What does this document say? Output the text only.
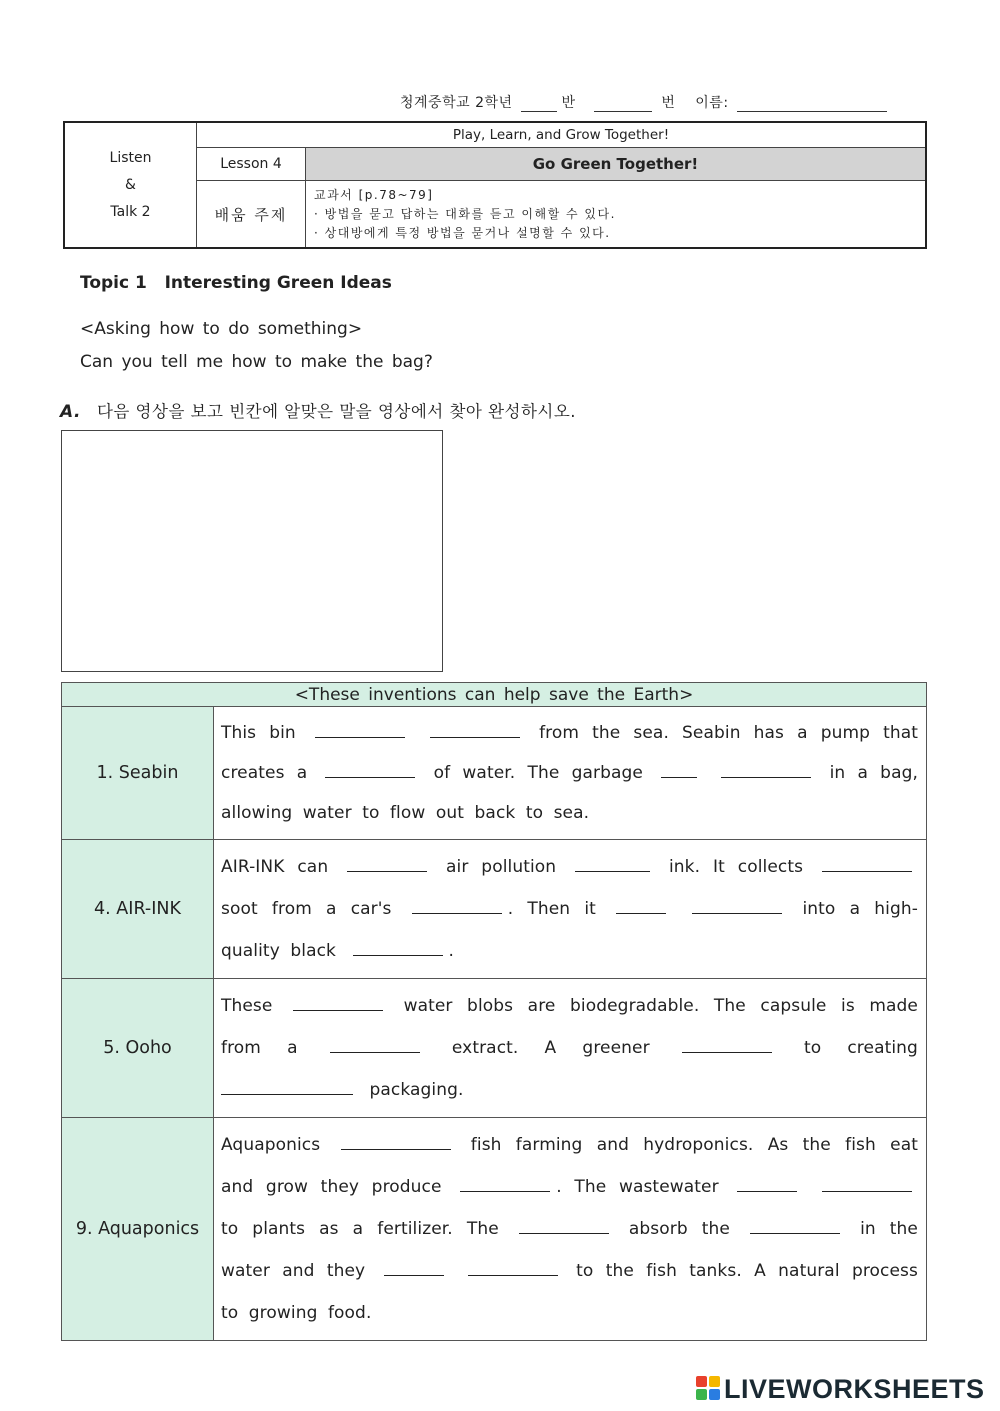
청계중학교 2학년	반	번 이름:
Listen
&
Talk 2	Play, Learn, and Grow Together!	
	Lesson 4	Go Green Together!
	배움 주제	교과서 [p.78~79]
· 방법을 묻고 답하는 대화를 듣고 이해할 수 있다.
· 상대방에게 특정 방법을 묻거나 설명할 수 있다.
Topic 1   Interesting Green Ideas
<Asking how to do something>
Can you tell me how to make the bag?
A. 다음 영상을 보고 빈칸에 알맞은 말을 영상에서 찾아 완성하시오.
<These inventions can help save the Earth>	
1. Seabin	This bin from the sea. Seabin has a pump that creates a of water. The garbage in a bag, allowing water to flow out back to sea.
4. AIR-INK	AIR-INK can air pollution ink. It collects  soot from a car's . Then it into a high-quality black .
5. Ooho	These water blobs are biodegradable. The capsule is made from a extract. A greener to creating  packaging.
9. Aquaponics	Aquaponics fish farming and hydroponics. As the fish eat and grow they produce . The wastewater   to plants as a fertilizer. The absorb the in the water and they to the fish tanks. A natural process to growing food.
LIVEWORKSHEETS
